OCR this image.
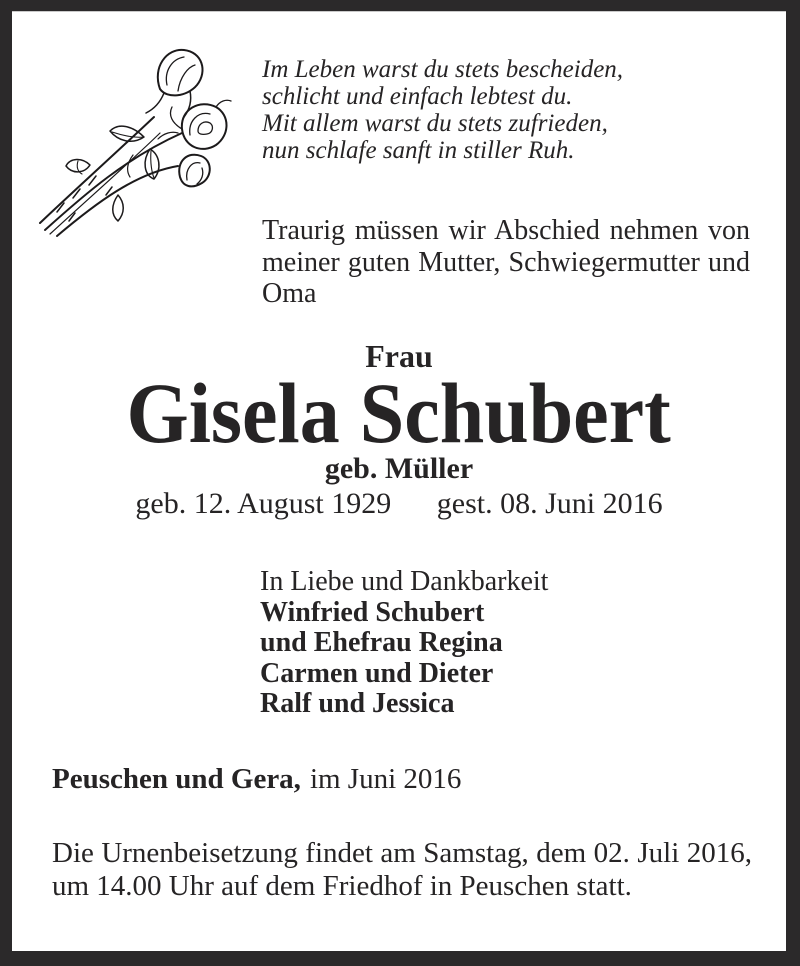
Im Leben warst du stets bescheiden,
schlicht und einfach lebtest du.
Mit allem warst du stets zufrieden,
nun schlafe sanft in stiller Ruh.
Traurig müssen wir Abschied nehmen von
meiner guten Mutter, Schwiegermutter und
Oma
Frau
Gisela Schubert
geb. Müller
geb. 12. August 1929 gest. 08. Juni 2016
In Liebe und Dankbarkeit
Winfried Schubert
und Ehefrau Regina
Carmen und Dieter
Ralf und Jessica
Peuschen und Gera, im Juni 2016
Die Urnenbeisetzung findet am Samstag, dem 02. Juli 2016,
um 14.00 Uhr auf dem Friedhof in Peuschen statt.
